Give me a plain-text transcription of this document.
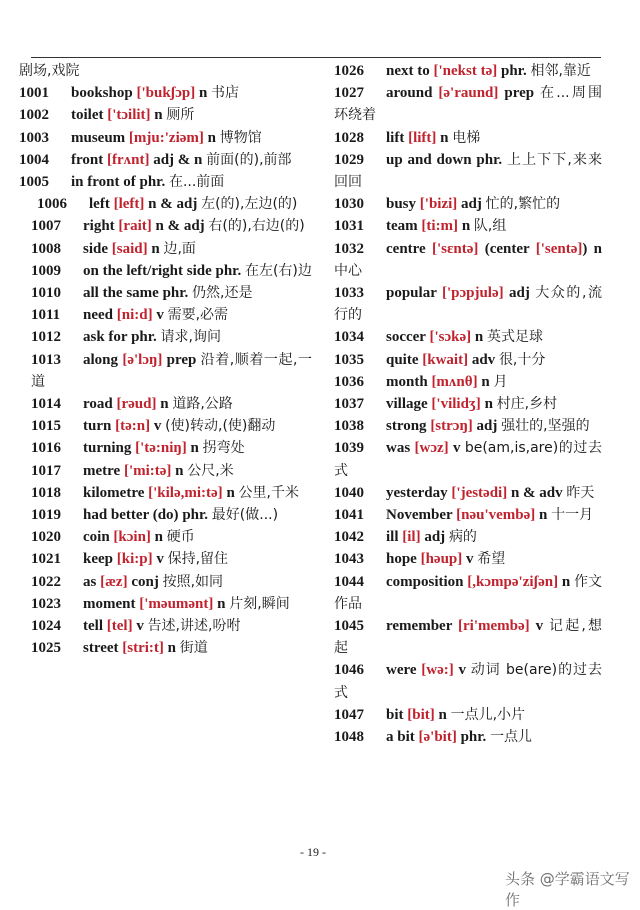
剧场,戏院

1001 bookshop ['bukʃɔp] n 书店

1002 toilet ['tɔilit] n 厕所

1003 museum [mju:'ziəm] n 博物馆

1004 front [frʌnt] adj & n 前面(的),前部

1005 in front of phr. 在...前面

1006 left [left] n & adj 左(的),左边(的)

1007 right [rait] n & adj 右(的),右边(的)

1008 side [said] n 边,面

1009 on the left/right side phr. 在左(右)边

1010 all the same phr. 仍然,还是

1011 need [ni:d] v 需要,必需

1012 ask for phr. 请求,询问

1013 along [ə'lɔŋ] prep 沿着,顺着一起,一道

1014 road [rəud] n 道路,公路

1015 turn [tə:n] v (使)转动,(使)翻动

1016 turning ['tə:niŋ] n 拐弯处

1017 metre ['mi:tə] n 公尺,米

1018 kilometre ['kilə,mi:tə] n 公里,千米

1019 had better (do) phr. 最好(做...)

1020 coin [kɔin] n 硬币

1021 keep [ki:p] v 保持,留住

1022 as [æz] conj 按照,如同

1023 moment ['məumənt] n 片刻,瞬间

1024 tell [tel] v 告述,讲述,吩咐

1025 street [stri:t] n 街道

1026 next to ['nekst tə] phr. 相邻,靠近

1027 around [ə'raund] prep 在...周围环绕着

1028 lift [lift] n 电梯

1029 up and down phr. 上上下下,来来回回

1030 busy ['bizi] adj 忙的,繁忙的

1031 team [ti:m] n 队,组

1032 centre ['sɛntə] (center ['sentə]) n 中心

1033 popular ['pɔpjulə] adj 大众的,流行的

1034 soccer ['sɔkə] n 英式足球

1035 quite [kwait] adv 很,十分

1036 month [mʌnθ] n 月

1037 village ['vilidʒ] n 村庄,乡村

1038 strong [strɔŋ] adj 强壮的,坚强的

1039 was [wɔz] v be(am,is,are)的过去式

1040 yesterday ['jestədi] n & adv 昨天

1041 November [nəu'vembə] n 十一月

1042 ill [il] adj 病的

1043 hope [həup] v 希望

1044 composition [,kɔmpə'ziʃən] n 作文作品

1045 remember [ri'membə] v 记起,想起

1046 were [wə:] v 动词 be(are)的过去式

1047 bit [bit] n 一点儿,小片

1048 a bit [ə'bit] phr. 一点儿

- 19 -
头条 @学霸语文写作
